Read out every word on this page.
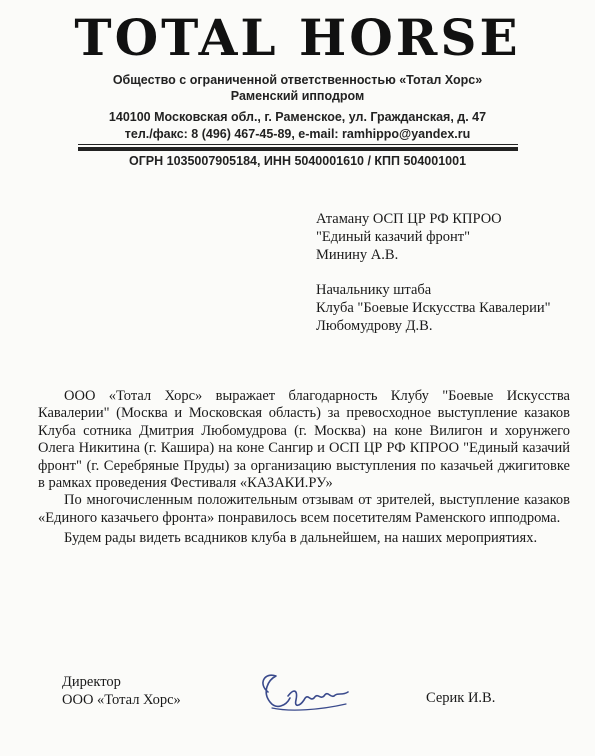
TOTAL HORSE
Общество с ограниченной ответственностью «Тотал Хорс»
Раменский ипподром
140100 Московская обл., г. Раменское, ул. Гражданская, д. 47
тел./факс: 8 (496) 467-45-89, e-mail: ramhippo@yandex.ru
ОГРН 1035007905184, ИНН 5040001610 / КПП 504001001
Атаману ОСП ЦР РФ КПРОО
"Единый казачий фронт"
Минину А.В.
Начальнику штаба
Клуба "Боевые Искусства Кавалерии"
Любомудрову Д.В.

ООО «Тотал Хорс» выражает благодарность Клубу "Боевые Искусства Кавалерии" (Москва и Московская область) за превосходное выступление казаков Клуба сотника Дмитрия Любомудрова (г. Москва) на коне Вилигон и хорунжего Олега Никитина (г. Кашира) на коне Сангир и ОСП ЦР РФ КПРОО "Единый казачий фронт" (г. Серебряные Пруды) за организацию выступления по казачьей джигитовке в рамках проведения Фестиваля «КАЗАКИ.РУ»

По многочисленным положительным отзывам от зрителей, выступление казаков «Единого казачьего фронта» понравилось всем посетителям Раменского ипподрома.

Будем рады видеть всадников клуба в дальнейшем, на наших мероприятиях.

Директор
ООО «Тотал Хорс»	Серик И.В.
